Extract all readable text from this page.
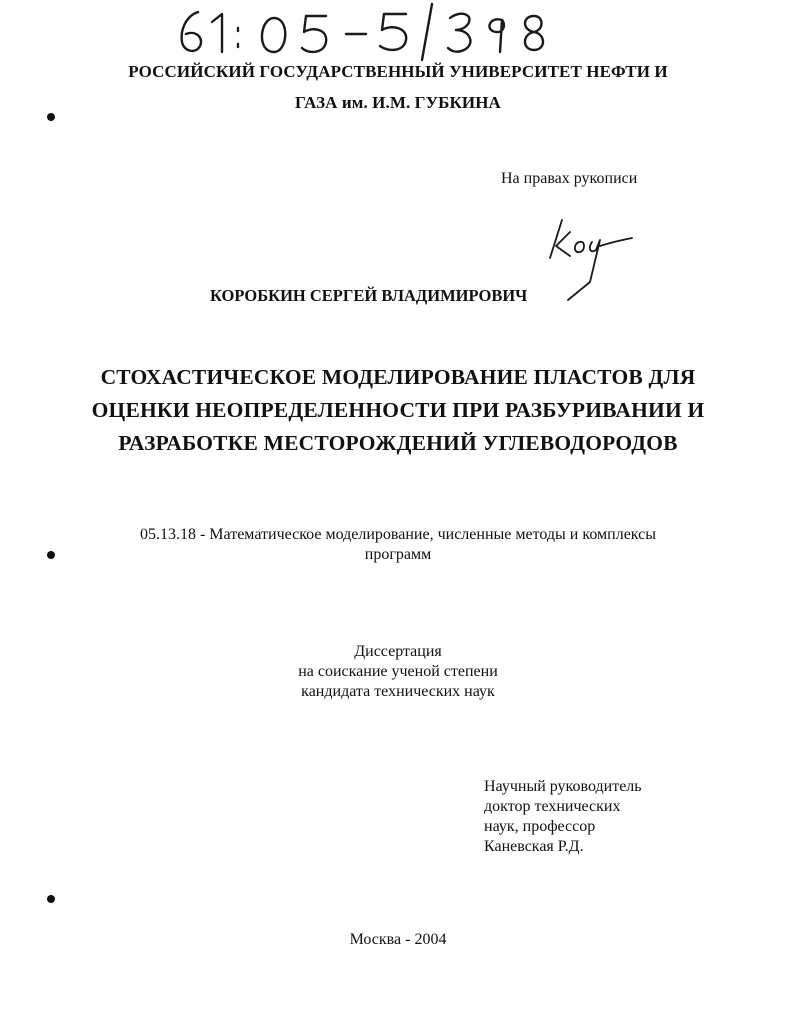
РОССИЙСКИЙ ГОСУДАРСТВЕННЫЙ УНИВЕРСИТЕТ НЕФТИ И
ГАЗА им. И.М. ГУБКИНА
На правах рукописи
КОРОБКИН СЕРГЕЙ ВЛАДИМИРОВИЧ
СТОХАСТИЧЕСКОЕ МОДЕЛИРОВАНИЕ ПЛАСТОВ ДЛЯ
ОЦЕНКИ НЕОПРЕДЕЛЕННОСТИ ПРИ РАЗБУРИВАНИИ И
РАЗРАБОТКЕ МЕСТОРОЖДЕНИЙ УГЛЕВОДОРОДОВ
05.13.18 - Математическое моделирование, численные методы и комплексы
программ
Диссертация
на соискание ученой степени
кандидата технических наук
Научный руководитель
доктор технических
наук, профессор
Каневская Р.Д.
Москва - 2004
